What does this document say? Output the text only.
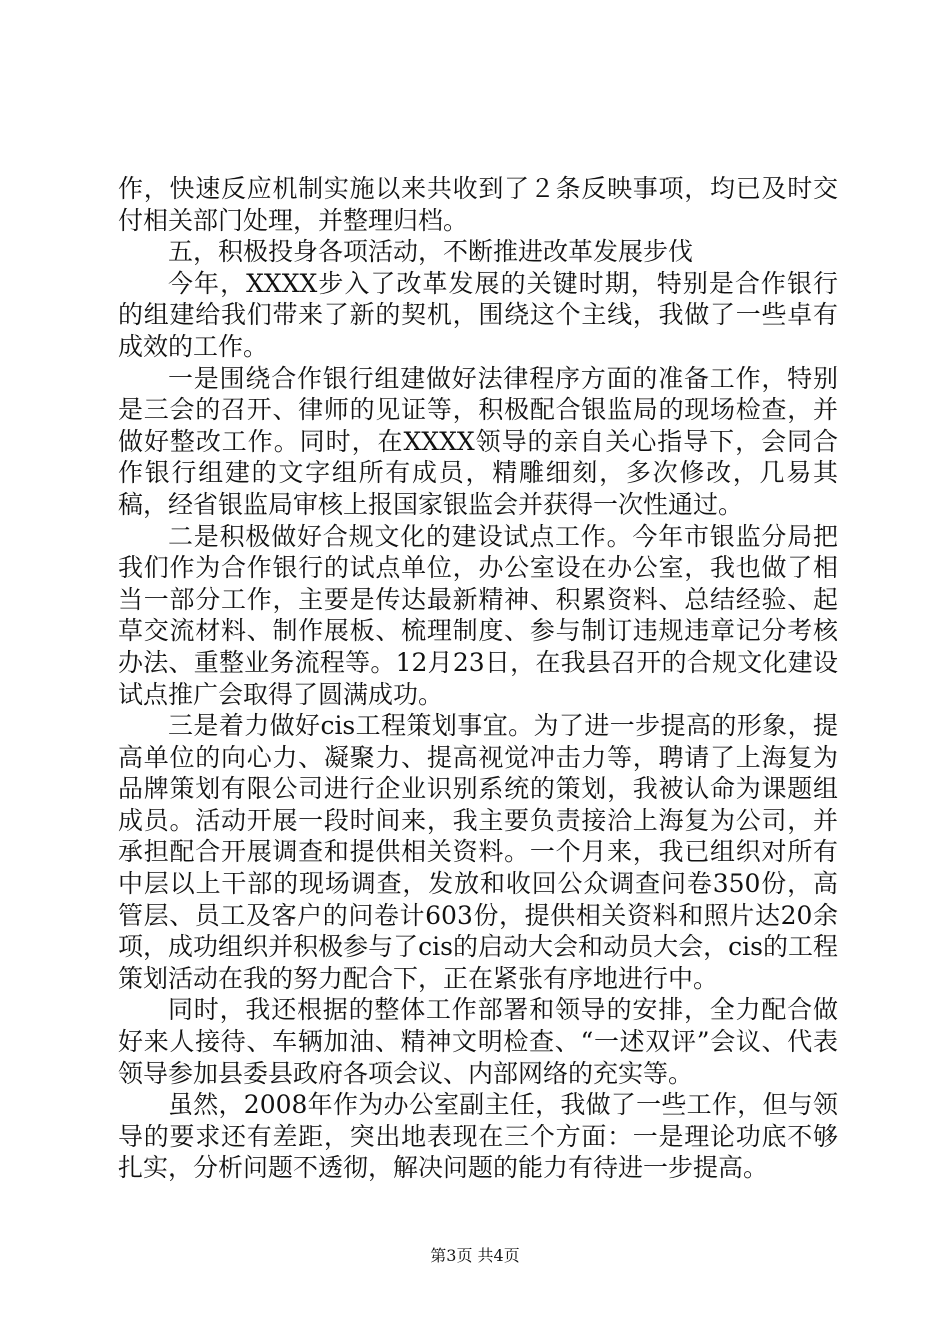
作，快速反应机制实施以来共收到了２条反映事项，均已及时交付相关部门处理，并整理归档。

五，积极投身各项活动，不断推进改革发展步伐

今年，XXXX步入了改革发展的关键时期，特别是合作银行的组建给我们带来了新的契机，围绕这个主线，我做了一些卓有成效的工作。

一是围绕合作银行组建做好法律程序方面的准备工作，特别是三会的召开、律师的见证等，积极配合银监局的现场检查，并做好整改工作。同时，在XXXX领导的亲自关心指导下，会同合作银行组建的文字组所有成员，精雕细刻，多次修改，几易其稿，经省银监局审核上报国家银监会并获得一次性通过。

二是积极做好合规文化的建设试点工作。今年市银监分局把我们作为合作银行的试点单位，办公室设在办公室，我也做了相当一部分工作，主要是传达最新精神、积累资料、总结经验、起草交流材料、制作展板、梳理制度、参与制订违规违章记分考核办法、重整业务流程等。12月23日，在我县召开的合规文化建设试点推广会取得了圆满成功。

三是着力做好cis工程策划事宜。为了进一步提高的形象，提高单位的向心力、凝聚力、提高视觉冲击力等，聘请了上海复为品牌策划有限公司进行企业识别系统的策划，我被认命为课题组成员。活动开展一段时间来，我主要负责接洽上海复为公司，并承担配合开展调查和提供相关资料。一个月来，我已组织对所有中层以上干部的现场调查，发放和收回公众调查问卷350份，高管层、员工及客户的问卷计603份，提供相关资料和照片达20余项，成功组织并积极参与了cis的启动大会和动员大会，cis的工程策划活动在我的努力配合下，正在紧张有序地进行中。

同时，我还根据的整体工作部署和领导的安排，全力配合做好来人接待、车辆加油、精神文明检查、“一述双评”会议、代表领导参加县委县政府各项会议、内部网络的充实等。

虽然，2008年作为办公室副主任，我做了一些工作，但与领导的要求还有差距，突出地表现在三个方面：一是理论功底不够扎实，分析问题不透彻，解决问题的能力有待进一步提高。

第3页 共4页
